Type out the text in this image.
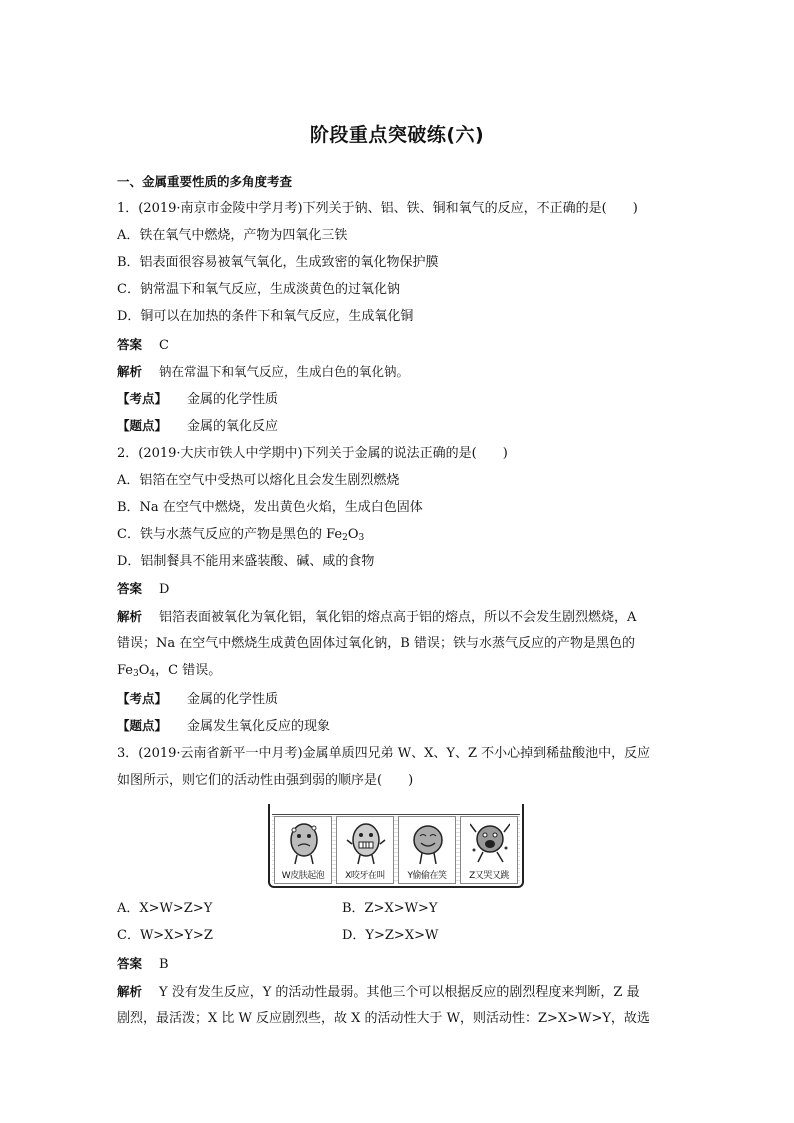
阶段重点突破练(六)
一、金属重要性质的多角度考查
1．(2019·南京市金陵中学月考)下列关于钠、铝、铁、铜和氧气的反应，不正确的是(　　)
A．铁在氧气中燃烧，产物为四氧化三铁
B．铝表面很容易被氧气氧化，生成致密的氧化物保护膜
C．钠常温下和氧气反应，生成淡黄色的过氧化钠
D．铜可以在加热的条件下和氧气反应，生成氧化铜
答案 C
解析 钠在常温下和氧气反应，生成白色的氧化钠。
【考点】 金属的化学性质
【题点】 金属的氧化反应
2．(2019·大庆市铁人中学期中)下列关于金属的说法正确的是(　　)
A．铝箔在空气中受热可以熔化且会发生剧烈燃烧
B．Na 在空气中燃烧，发出黄色火焰，生成白色固体
C．铁与水蒸气反应的产物是黑色的 $Fe_2O_3$
D．铝制餐具不能用来盛装酸、碱、咸的食物
答案 D
解析 铝箔表面被氧化为氧化铝，氧化铝的熔点高于铝的熔点，所以不会发生剧烈燃烧，A
错误；Na 在空气中燃烧生成黄色固体过氧化钠，B 错误；铁与水蒸气反应的产物是黑色的
$Fe_3O_4$，C 错误。
【考点】 金属的化学性质
【题点】 金属发生氧化反应的现象
3．(2019·云南省新平一中月考)金属单质四兄弟 W、X、Y、Z 不小心掉到稀盐酸池中，反应
如图所示，则它们的活动性由强到弱的顺序是(　　)
W皮肤起泡	X咬牙在叫	Y偷偷在笑	Z又哭又跳
A．X>W>Z>Y	B．Z>X>W>Y
C．W>X>Y>Z	D．Y>Z>X>W
答案 B
解析 Y 没有发生反应，Y 的活动性最弱。其他三个可以根据反应的剧烈程度来判断，Z 最
剧烈，最活泼；X 比 W 反应剧烈些，故 X 的活动性大于 W，则活动性：Z>X>W>Y，故选
